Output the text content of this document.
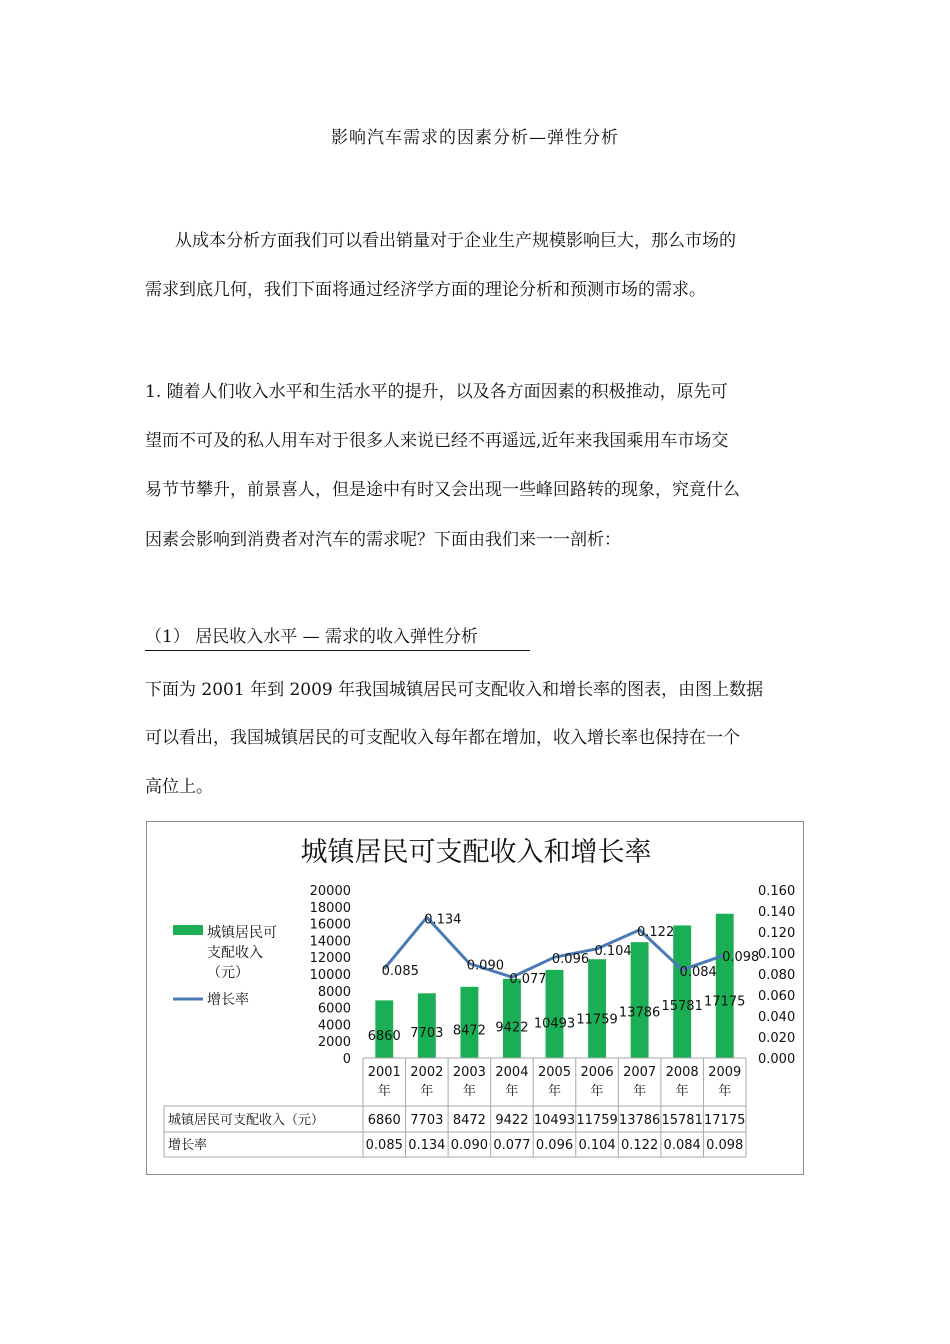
影响汽车需求的因素分析—弹性分析
从成本分析方面我们可以看出销量对于企业生产规模影响巨大，那么市场的
需求到底几何，我们下面将通过经济学方面的理论分析和预测市场的需求。
1. 随着人们收入水平和生活水平的提升，以及各方面因素的积极推动，原先可
望而不可及的私人用车对于很多人来说已经不再遥远,近年来我国乘用车市场交
易节节攀升，前景喜人，但是途中有时又会出现一些峰回路转的现象，究竟什么
因素会影响到消费者对汽车的需求呢？下面由我们来一一剖析：
（1） 居民收入水平 — 需求的收入弹性分析
下面为 2001 年到 2009 年我国城镇居民可支配收入和增长率的图表，由图上数据
可以看出，我国城镇居民的可支配收入每年都在增加，收入增长率也保持在一个
高位上。
城镇居民可支配收入和增长率
0
2000
4000
6000
8000
10000
12000
14000
16000
18000
20000
0.000
0.020
0.040
0.060
0.080
0.100
0.120
0.140
0.160
6860 7703 8472 9422 10493 11759 13786 15781 17175
0.085
0.134
0.090
0.077
0.096
0.104
0.122
0.084
0.098
城镇居民可支配收入（元）
增长率
2001
年
2002
年
2003
年
2004
年
2005
年
2006
年
2007
年
2008
年
2009
年
城镇居民可支配收入（元）	6860 7703 8472 9422 10493 11759 13786 15781 17175
增长率	0.085 0.134 0.090 0.077 0.096 0.104 0.122 0.084 0.098
